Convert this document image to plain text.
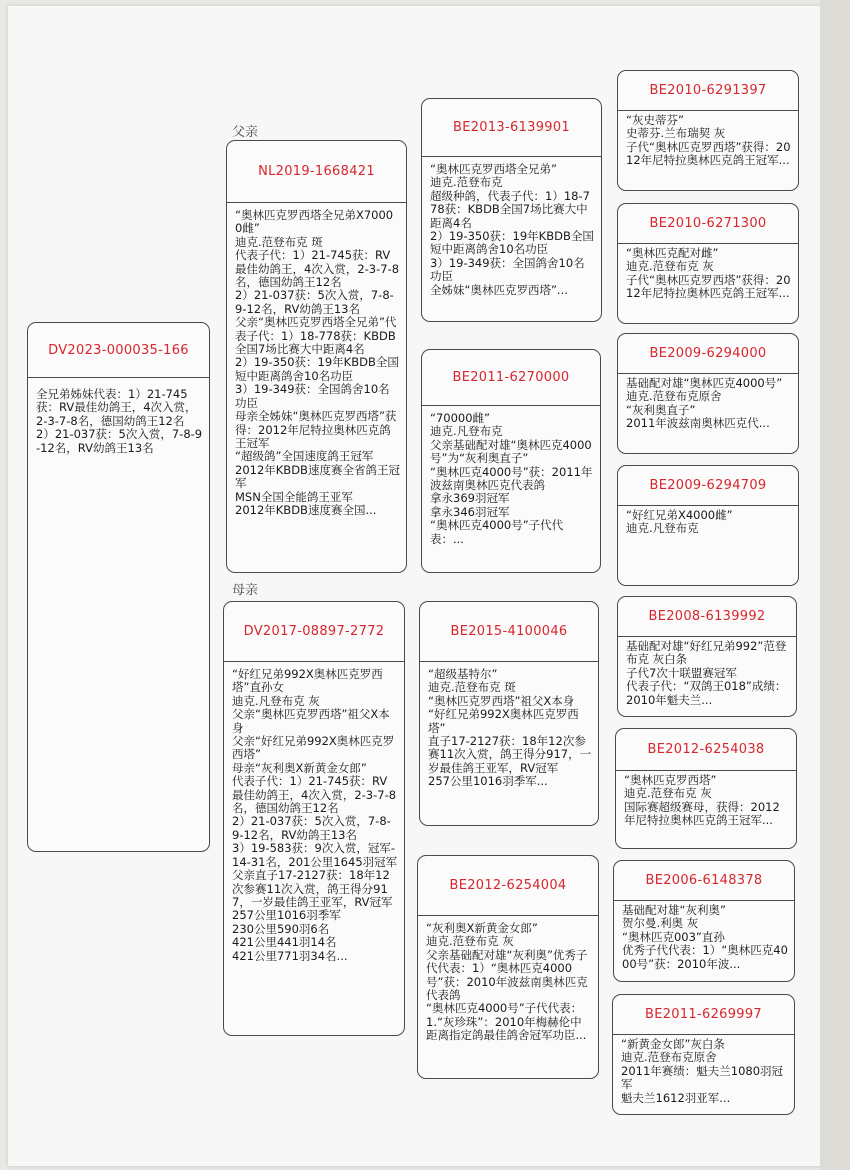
父亲
母亲
DV2023-000035-166
全兄弟姊妹代表：1）21-745获：RV最佳幼鸽王，4次入赏，2-3-7-8名，德国幼鸽王12名
2）21-037获：5次入赏，7-8-9-12名，RV幼鸽王13名
NL2019-1668421
“奥林匹克罗西塔全兄弟X70000雌”
迪克.范登布克 斑
代表子代：1）21-745获：RV最佳幼鸽王，4次入赏，2-3-7-8名，德国幼鸽王12名
2）21-037获：5次入赏，7-8-9-12名，RV幼鸽王13名
父亲“奥林匹克罗西塔全兄弟”代表子代：1）18-778获：KBDB全国7场比赛大中距离4名
2）19-350获：19年KBDB全国短中距离鸽舍10名功臣
3）19-349获：全国鸽舍10名功臣
母亲全姊妹“奥林匹克罗西塔”获得：2012年尼特拉奥林匹克鸽王冠军
“超级鸽”全国速度鸽王冠军
2012年KBDB速度赛全省鸽王冠军
MSN全国全能鸽王亚军
2012年KBDB速度赛全国...
DV2017-08897-2772
“好红兄弟992X奥林匹克罗西塔”直孙女
迪克.凡登布克 灰
父亲“奥林匹克罗西塔”祖父X本身
父亲“好红兄弟992X奥林匹克罗西塔”
母亲“灰利奥X新黄金女郎”
代表子代：1）21-745获：RV最佳幼鸽王，4次入赏，2-3-7-8名，德国幼鸽王12名
2）21-037获：5次入赏，7-8-9-12名，RV幼鸽王13名
3）19-583获：9次入赏，冠军-14-31名，201公里1645羽冠军
父亲直子17-2127获：18年12次参赛11次入赏，鸽王得分917，一岁最佳鸽王亚军，RV冠军
257公里1016羽季军
230公里590羽6名
421公里441羽14名
421公里771羽34名...
BE2013-6139901
“奥林匹克罗西塔全兄弟”
迪克.范登布克
超级种鸽，代表子代：1）18-778获：KBDB全国7场比赛大中距离4名
2）19-350获：19年KBDB全国短中距离鸽舍10名功臣
3）19-349获：全国鸽舍10名功臣
全姊妹“奥林匹克罗西塔”...
BE2011-6270000
“70000雌”
迪克.凡登布克
父亲基础配对雄“奥林匹克4000号”为“灰利奥直子”
“奥林匹克4000号”获：2011年波兹南奥林匹克代表鸽
拿永369羽冠军
拿永346羽冠军
“奥林匹克4000号”子代代表：...
BE2015-4100046
“超级基特尔”
迪克.范登布克 斑
“奥林匹克罗西塔”祖父X本身
“好红兄弟992X奥林匹克罗西塔”
直子17-2127获：18年12次参赛11次入赏，鸽王得分917，一岁最佳鸽王亚军，RV冠军
257公里1016羽季军...
BE2012-6254004
“灰利奥X新黄金女郎”
迪克.范登布克 灰
父亲基础配对雄“灰利奥”优秀子代代表：1）“奥林匹克4000号”获：2010年波兹南奥林匹克代表鸽
“奥林匹克4000号”子代代表：1.“灰珍珠”：2010年梅赫伦中距离指定鸽最佳鸽舍冠军功臣...
BE2010-6291397
“灰史蒂芬”
史蒂芬.兰布瑞契 灰
子代“奥林匹克罗西塔”获得：2012年尼特拉奥林匹克鸽王冠军...
BE2010-6271300
“奥林匹克配对雌”
迪克.范登布克 灰
子代“奥林匹克罗西塔”获得：2012年尼特拉奥林匹克鸽王冠军...
BE2009-6294000
基础配对雄“奥林匹克4000号”
迪克.范登布克原舍
“灰利奥直子”
2011年波兹南奥林匹克代...
BE2009-6294709
“好红兄弟X4000雌”
迪克.凡登布克
BE2008-6139992
基础配对雄“好红兄弟992”范登布克 灰白条
子代7次十联盟赛冠军
代表子代：“双鸽王018”成绩：2010年魁夫兰...
BE2012-6254038
“奥林匹克罗西塔”
迪克.范登布克 灰
国际赛超级赛母，获得：2012年尼特拉奥林匹克鸽王冠军...
BE2006-6148378
基础配对雄“灰利奥”
贺尔曼.利奥 灰
“奥林匹克003”直孙
优秀子代代表：1）“奥林匹克4000号”获：2010年波...
BE2011-6269997
“新黄金女郎”灰白条
迪克.范登布克原舍
2011年赛绩：魁夫兰1080羽冠军
魁夫兰1612羽亚军...
